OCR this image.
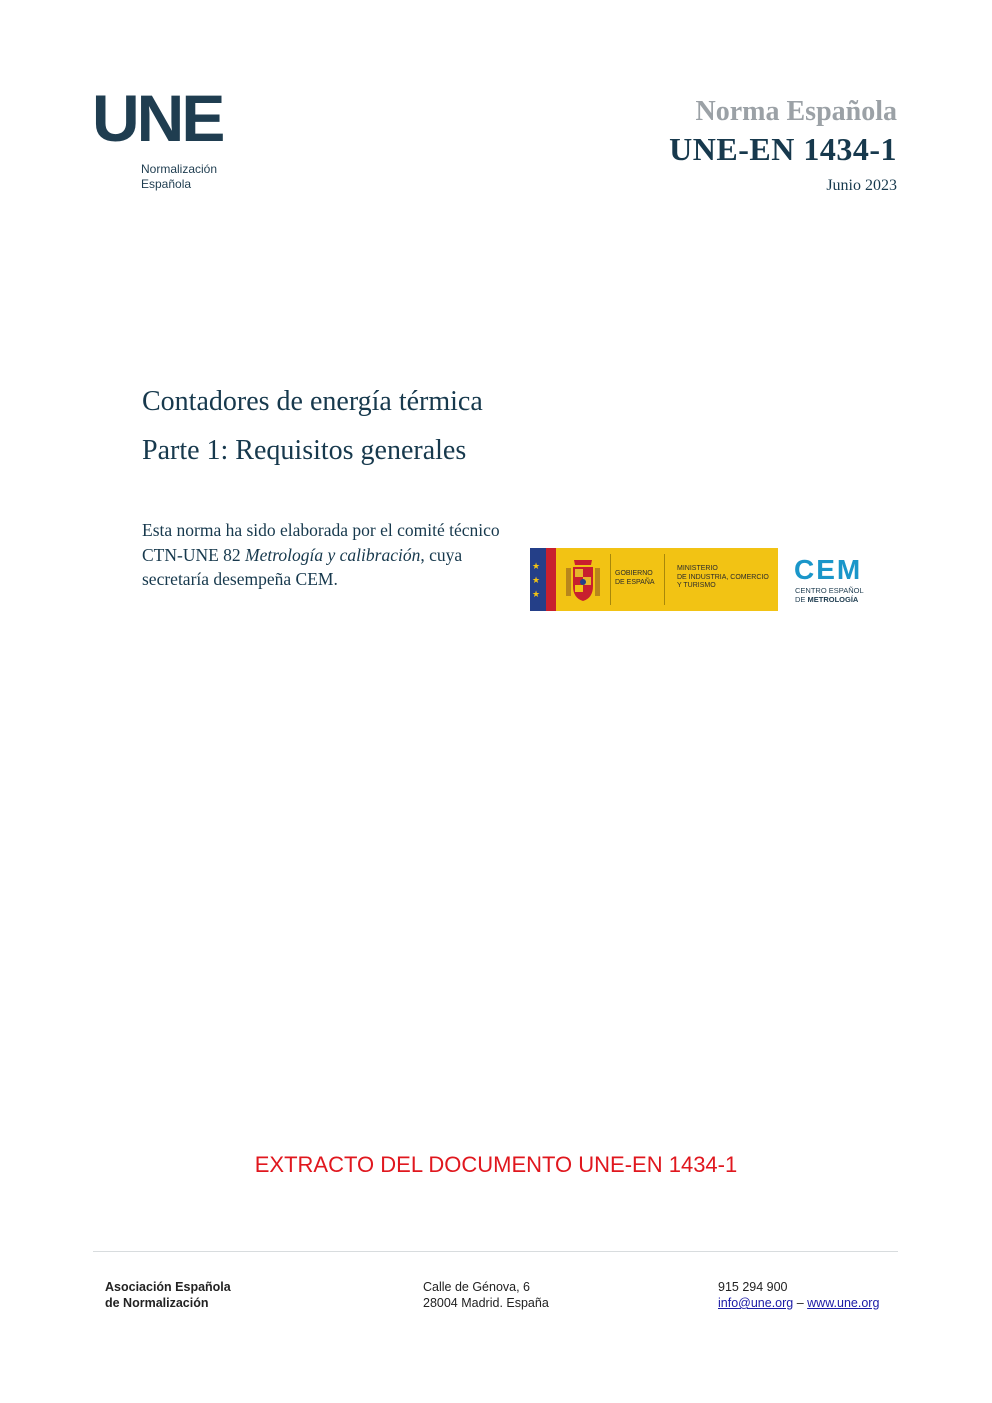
UNE
Normalización
Española
Norma Española
UNE-EN 1434-1
Junio 2023
Contadores de energía térmica
Parte 1: Requisitos generales
Esta norma ha sido elaborada por el comité técnico CTN-UNE 82 Metrología y calibración, cuya secretaría desempeña CEM.
★
★
★
GOBIERNO
DE ESPAÑA
MINISTERIO
DE INDUSTRIA, COMERCIO
Y TURISMO
CEM
CENTRO ESPAÑOL
DE METROLOGÍA
EXTRACTO DEL DOCUMENTO UNE-EN 1434-1
Asociación Española
de Normalización
Calle de Génova, 6
28004 Madrid. España
915 294 900
info@une.org – www.une.org
